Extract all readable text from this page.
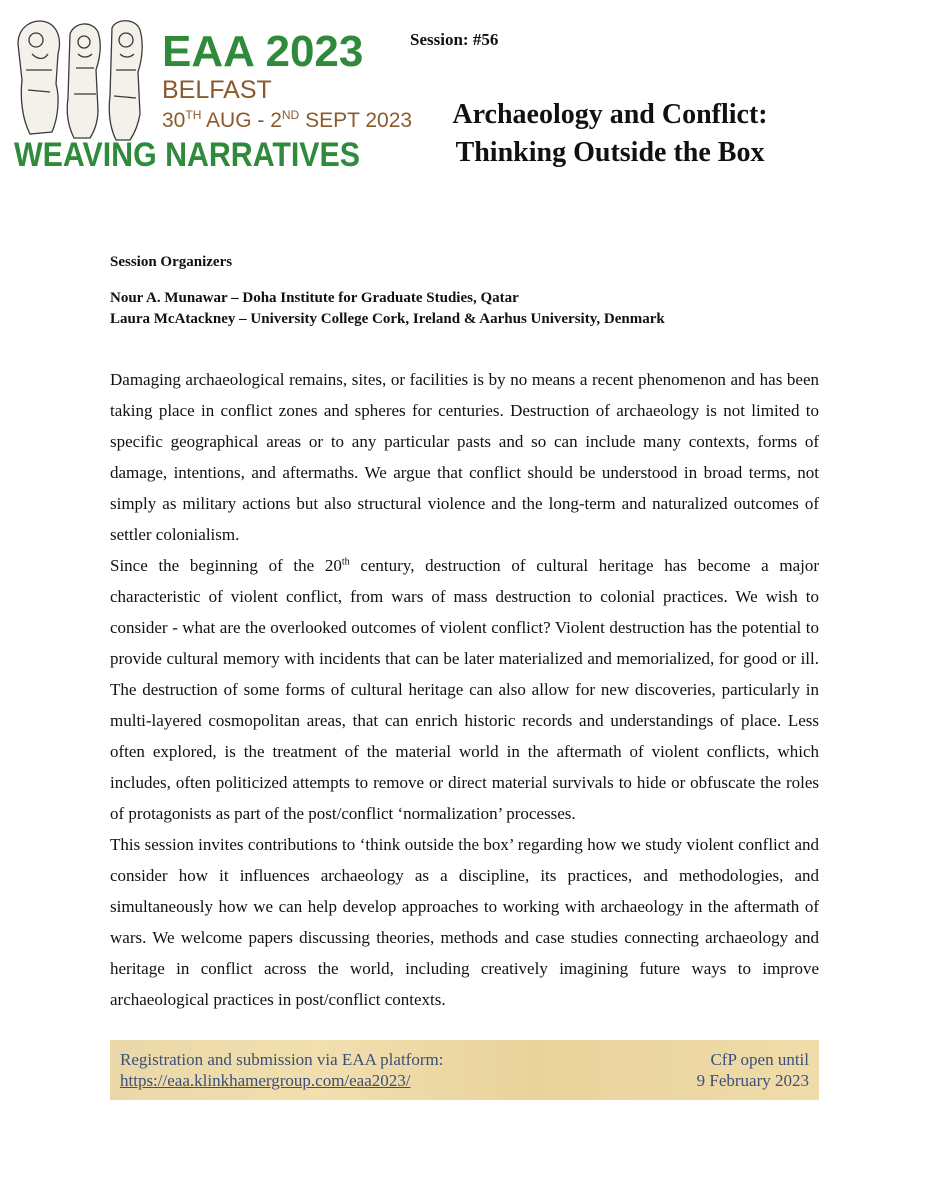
EAA 2023
BELFAST
30TH AUG - 2ND SEPT 2023
WEAVING NARRATIVES
Session: #56
Archaeology and Conflict:
Thinking Outside the Box
Session Organizers
Nour A. Munawar – Doha Institute for Graduate Studies, Qatar
Laura McAtackney – University College Cork, Ireland & Aarhus University, Denmark

Damaging archaeological remains, sites, or facilities is by no means a recent phenomenon and has been taking place in conflict zones and spheres for centuries. Destruction of archaeology is not limited to specific geographical areas or to any particular pasts and so can include many contexts, forms of damage, intentions, and aftermaths. We argue that conflict should be understood in broad terms, not simply as military actions but also structural violence and the long-term and naturalized outcomes of settler colonialism.

Since the beginning of the 20th century, destruction of cultural heritage has become a major characteristic of violent conflict, from wars of mass destruction to colonial practices. We wish to consider - what are the overlooked outcomes of violent conflict? Violent destruction has the potential to provide cultural memory with incidents that can be later materialized and memorialized, for good or ill. The destruction of some forms of cultural heritage can also allow for new discoveries, particularly in multi-layered cosmopolitan areas, that can enrich historic records and understandings of place. Less often explored, is the treatment of the material world in the aftermath of violent conflicts, which includes, often politicized attempts to remove or direct material survivals to hide or obfuscate the roles of protagonists as part of the post/conflict ‘normalization’ processes.

This session invites contributions to ‘think outside the box’ regarding how we study violent conflict and consider how it influences archaeology as a discipline, its practices, and methodologies, and simultaneously how we can help develop approaches to working with archaeology in the aftermath of wars. We welcome papers discussing theories, methods and case studies connecting archaeology and heritage in conflict across the world, including creatively imagining future ways to improve archaeological practices in post/conflict contexts.

Registration and submission via EAA platform:
https://eaa.klinkhamergroup.com/eaa2023/
CfP open until
9 February 2023
